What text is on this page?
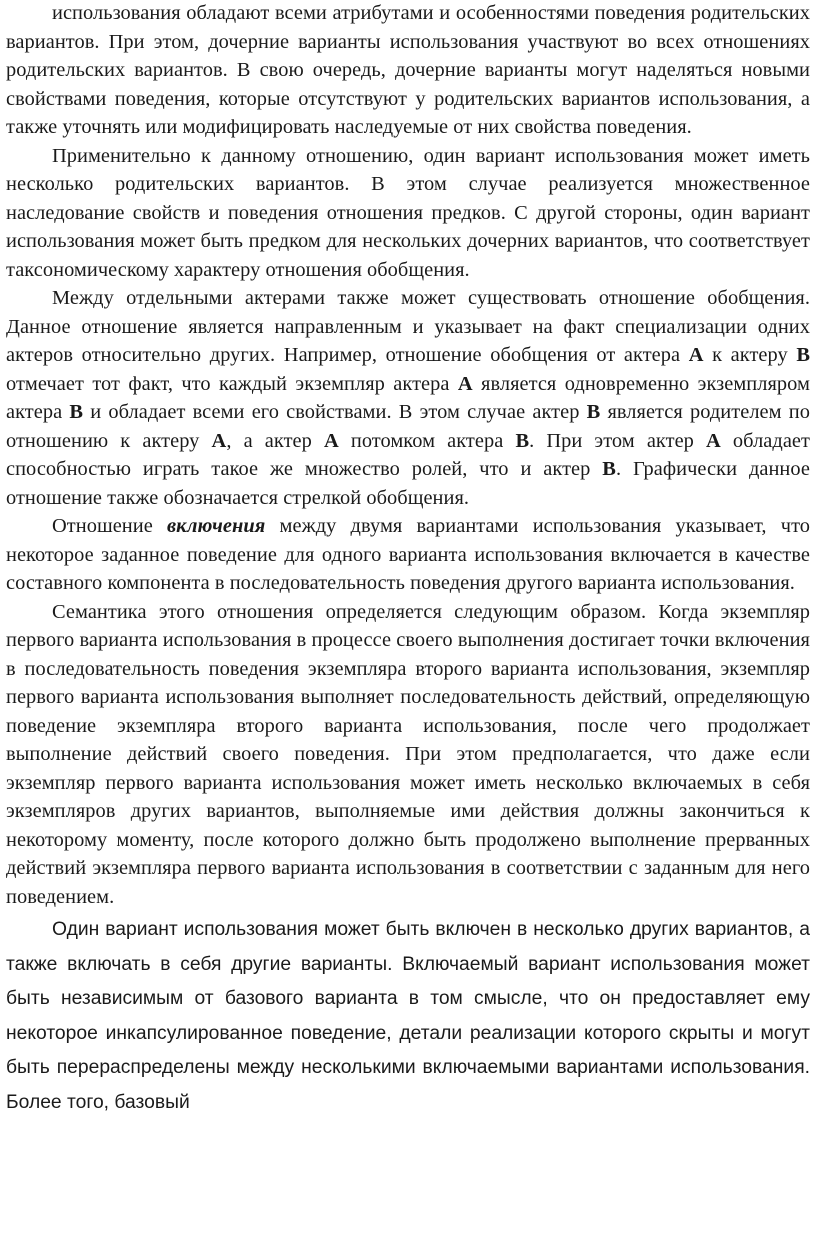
использования обладают всеми атрибутами и особенностями поведения родительских вариантов. При этом, дочерние варианты использования участвуют во всех отношениях родительских вариантов. В свою очередь, дочерние варианты могут наделяться новыми свойствами поведения, которые отсутствуют у родительских вариантов использования, а также уточнять или модифицировать наследуемые от них свойства поведения.

Применительно к данному отношению, один вариант использования может иметь несколько родительских вариантов. В этом случае реализуется множественное наследование свойств и поведения отношения предков. С другой стороны, один вариант использования может быть предком для нескольких дочерних вариантов, что соответствует таксономическому характеру отношения обобщения.

Между отдельными актерами также может существовать отношение обобщения. Данное отношение является направленным и указывает на факт специализации одних актеров относительно других. Например, отношение обобщения от актера А к актеру В отмечает тот факт, что каждый экземпляр актера А является одновременно экземпляром актера В и обладает всеми его свойствами. В этом случае актер В является родителем по отношению к актеру А, а актер А потомком актера В. При этом актер А обладает способностью играть такое же множество ролей, что и актер В. Графически данное отношение также обозначается стрелкой обобщения.

Отношение включения между двумя вариантами использования указывает, что некоторое заданное поведение для одного варианта использования включается в качестве составного компонента в последовательность поведения другого варианта использования.

Семантика этого отношения определяется следующим образом. Когда экземпляр первого варианта использования в процессе своего выполнения достигает точки включения в последовательность поведения экземпляра второго варианта использования, экземпляр первого варианта использования выполняет последовательность действий, определяющую поведение экземпляра второго варианта использования, после чего продолжает выполнение действий своего поведения. При этом предполагается, что даже если экземпляр первого варианта использования может иметь несколько включаемых в себя экземпляров других вариантов, выполняемые ими действия должны закончиться к некоторому моменту, после которого должно быть продолжено выполнение прерванных действий экземпляра первого варианта использования в соответствии с заданным для него поведением.

Один вариант использования может быть включен в несколько других вариантов, а также включать в себя другие варианты. Включаемый вариант использования может быть независимым от базового варианта в том смысле, что он предоставляет ему некоторое инкапсулированное поведение, детали реализации которого скрыты и могут быть перераспределены между несколькими включаемыми вариантами использования. Более того, базовый
